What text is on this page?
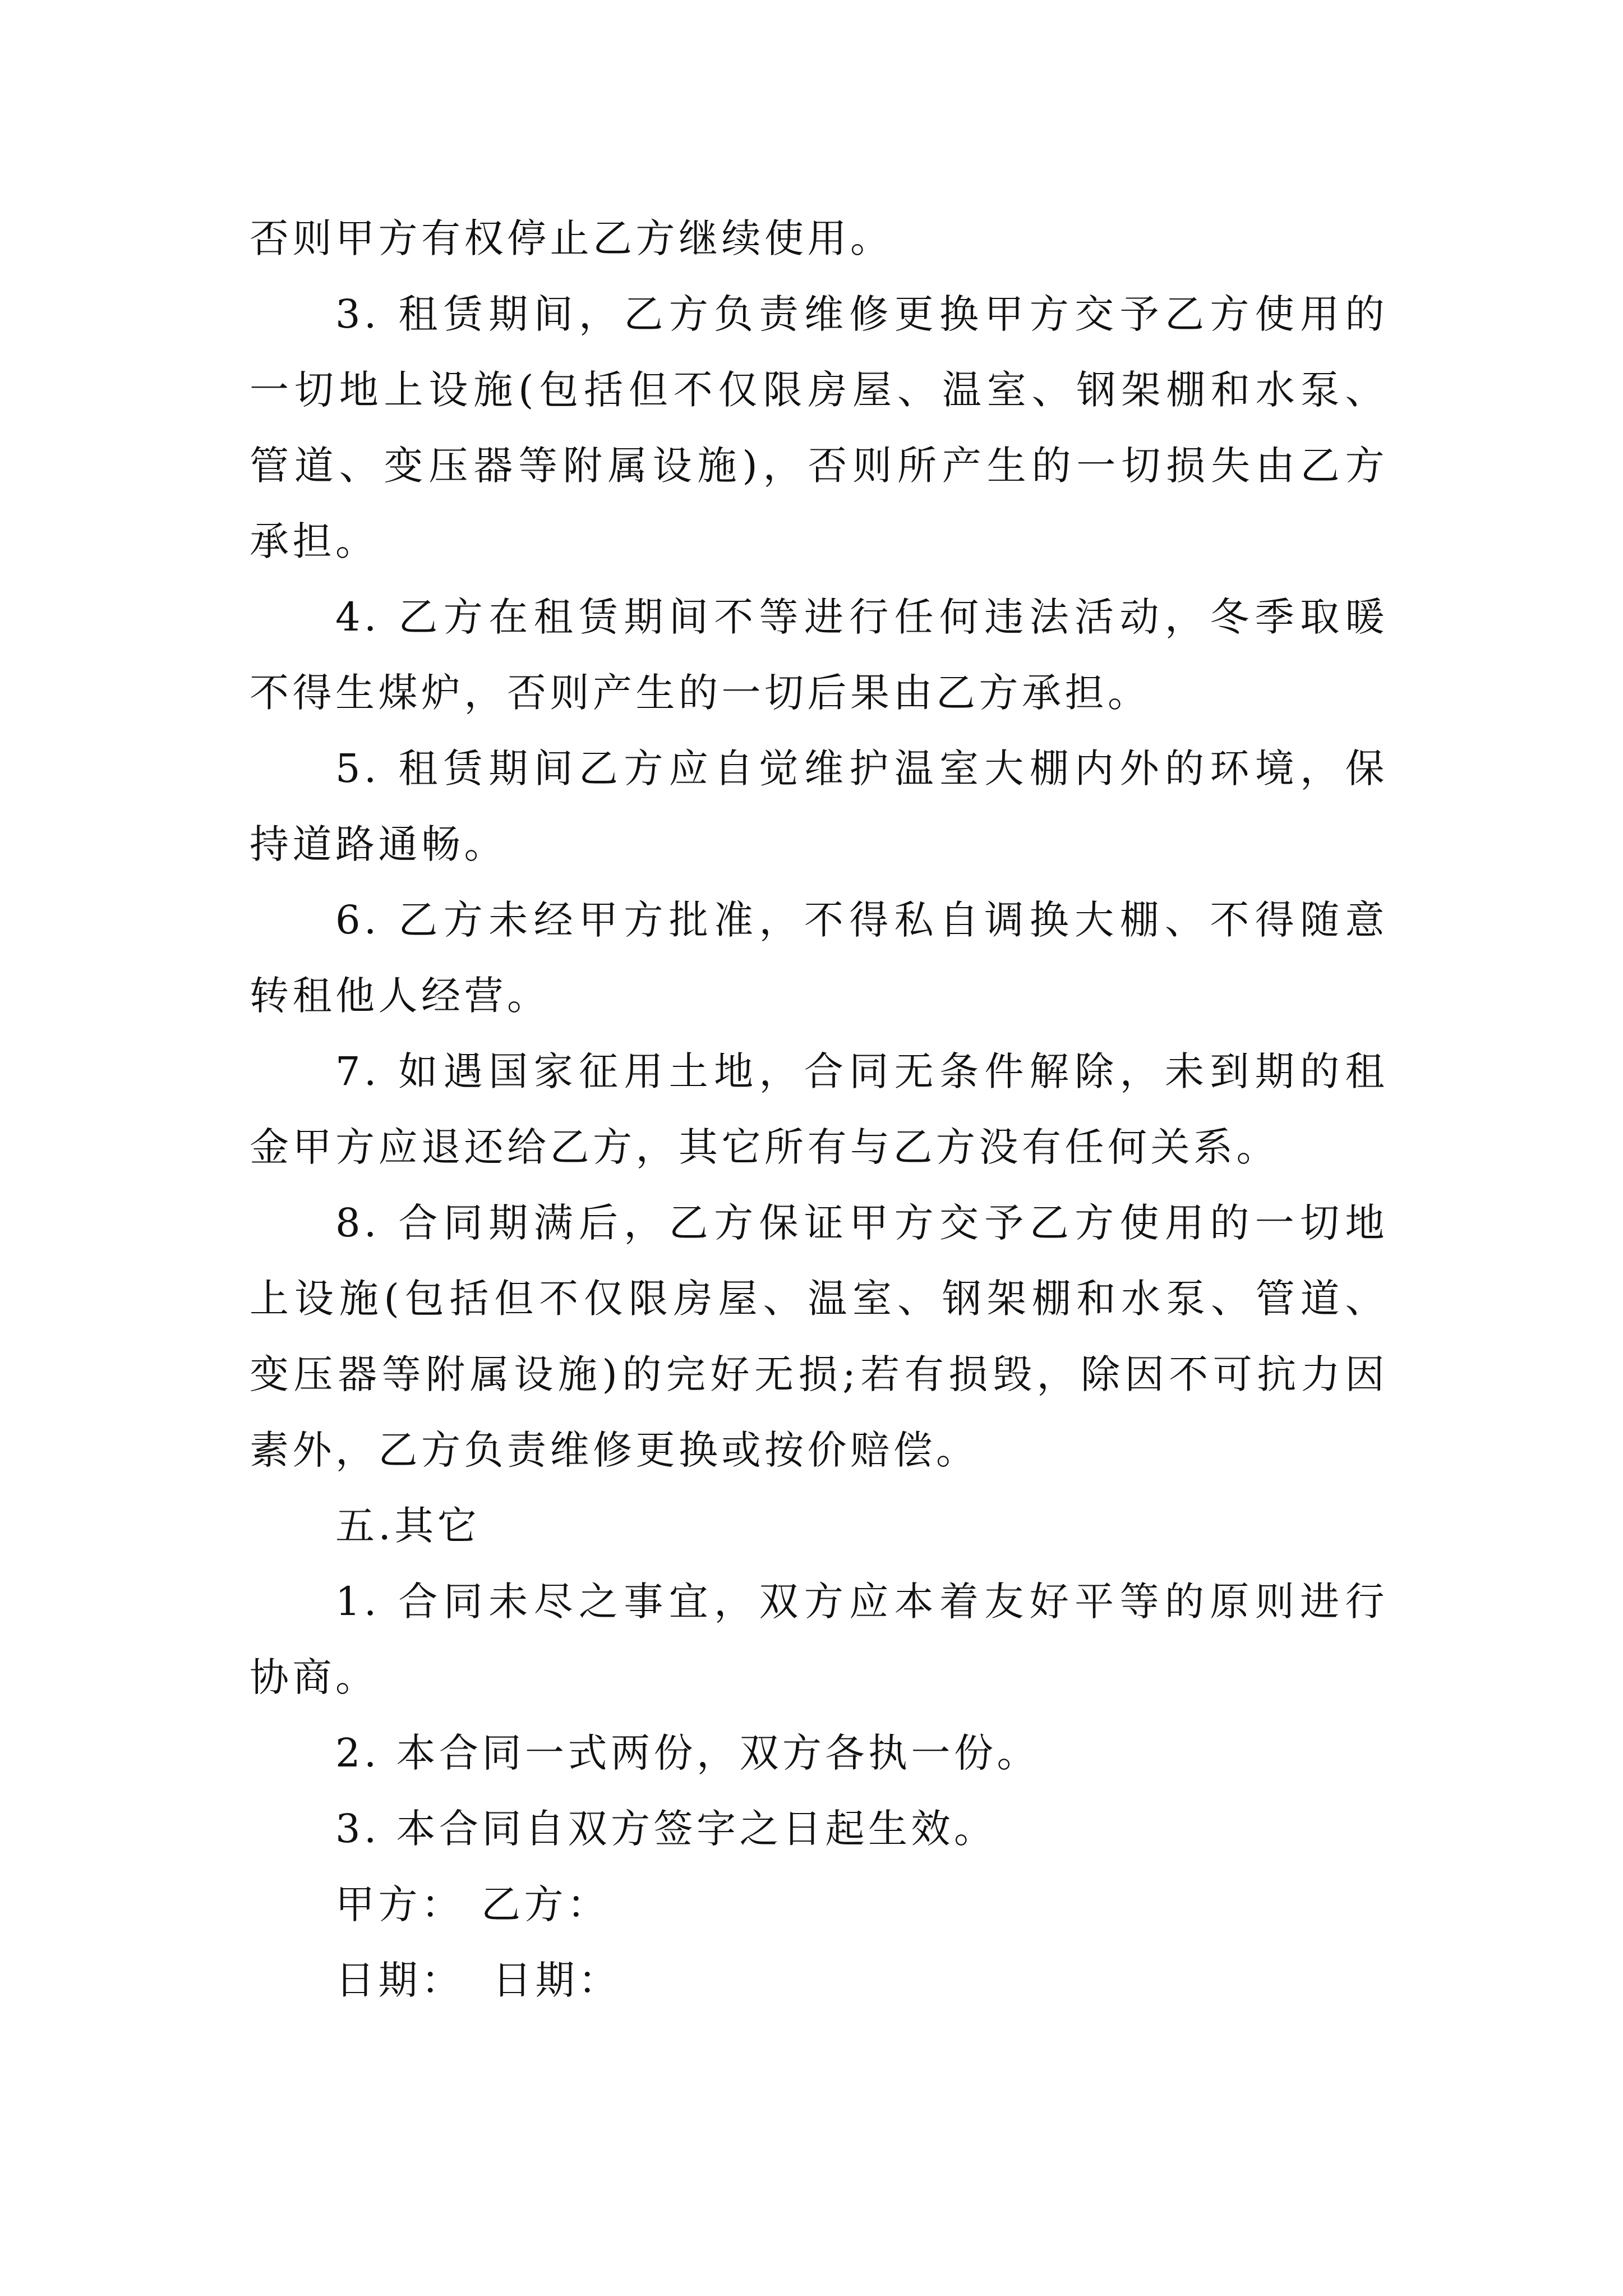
否则甲方有权停止乙方继续使用。
3. 租赁期间，乙方负责维修更换甲方交予乙方使用的
一切地上设施(包括但不仅限房屋、温室、钢架棚和水泵、
管道、变压器等附属设施)，否则所产生的一切损失由乙方
承担。
4. 乙方在租赁期间不等进行任何违法活动，冬季取暖
不得生煤炉，否则产生的一切后果由乙方承担。
5. 租赁期间乙方应自觉维护温室大棚内外的环境，保
持道路通畅。
6. 乙方未经甲方批准，不得私自调换大棚、不得随意
转租他人经营。
7. 如遇国家征用土地，合同无条件解除，未到期的租
金甲方应退还给乙方，其它所有与乙方没有任何关系。
8. 合同期满后，乙方保证甲方交予乙方使用的一切地
上设施(包括但不仅限房屋、温室、钢架棚和水泵、管道、
变压器等附属设施)的完好无损;若有损毁，除因不可抗力因
素外，乙方负责维修更换或按价赔偿。
五.其它
1. 合同未尽之事宜，双方应本着友好平等的原则进行
协商。
2. 本合同一式两份，双方各执一份。
3. 本合同自双方签字之日起生效。
甲方： 乙方：
日期： 日期：
